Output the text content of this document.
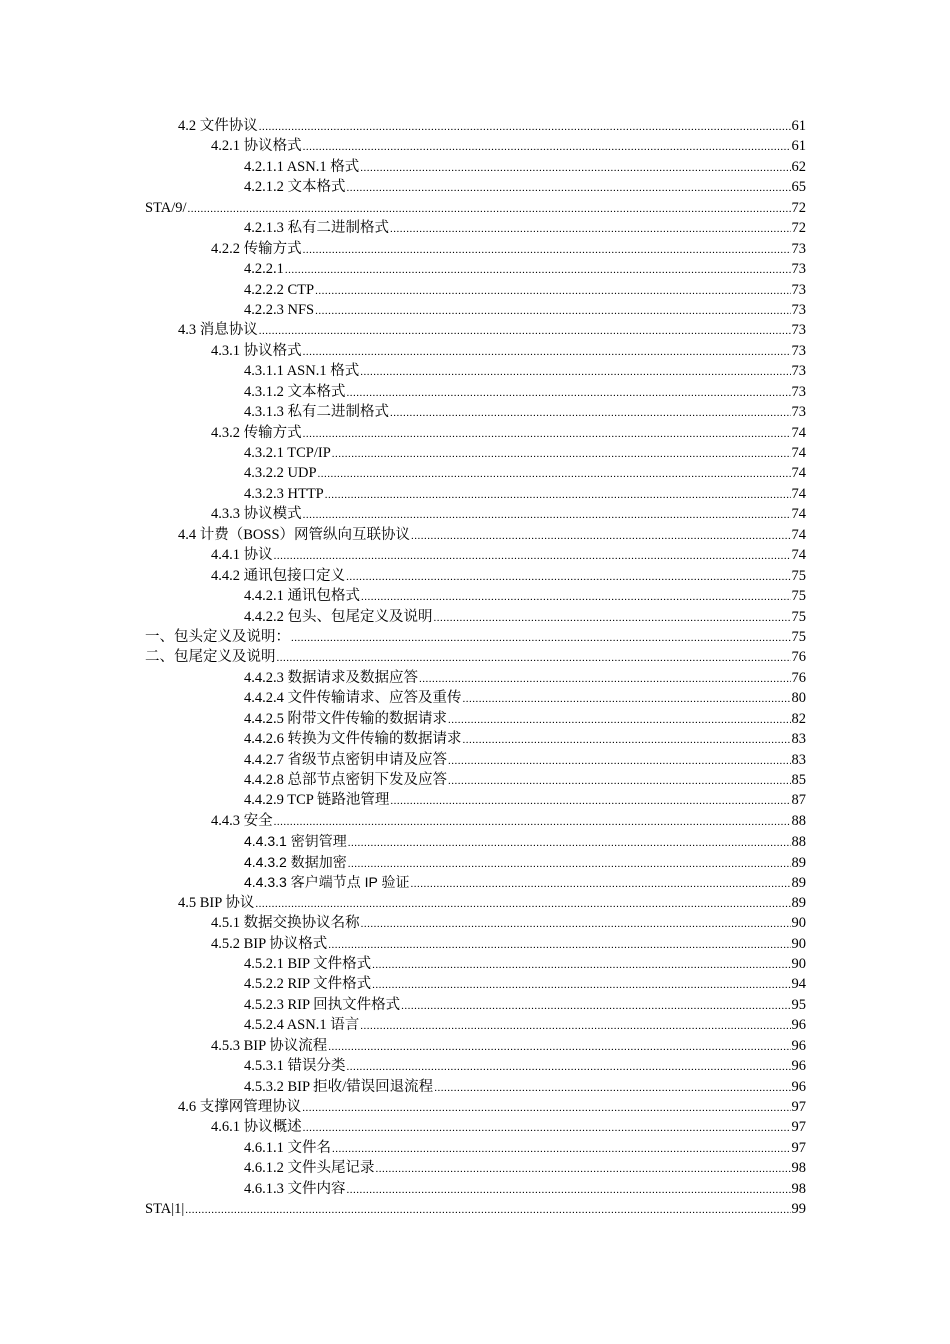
4.2 文件协议 .....	61
4.2.1 协议格式 .....	61
4.2.1.1 ASN.1 格式 .....	62
4.2.1.2 文本格式 .....	65
STA/9/ .....	72
4.2.1.3 私有二进制格式 .....	72
4.2.2 传输方式 .....	73
4.2.2.1 .....	73
4.2.2.2 CTP .....	73
4.2.2.3 NFS .....	73
4.3 消息协议 .....	73
4.3.1 协议格式 .....	73
4.3.1.1 ASN.1 格式 .....	73
4.3.1.2 文本格式 .....	73
4.3.1.3 私有二进制格式 .....	73
4.3.2 传输方式 .....	74
4.3.2.1 TCP/IP .....	74
4.3.2.2 UDP .....	74
4.3.2.3 HTTP .....	74
4.3.3 协议模式 .....	74
4.4 计费（BOSS）网管纵向互联协议 .....	74
4.4.1 协议 .....	74
4.4.2 通讯包接口定义 .....	75
4.4.2.1 通讯包格式 .....	75
4.4.2.2 包头、包尾定义及说明 .....	75
一、包头定义及说明： .....	75
二、包尾定义及说明 .....	76
4.4.2.3 数据请求及数据应答 .....	76
4.4.2.4 文件传输请求、应答及重传 .....	80
4.4.2.5 附带文件传输的数据请求 .....	82
4.4.2.6 转换为文件传输的数据请求 .....	83
4.4.2.7 省级节点密钥申请及应答 .....	83
4.4.2.8 总部节点密钥下发及应答 .....	85
4.4.2.9 TCP 链路池管理 .....	87
4.4.3 安全 .....	88
4.4.3.1 密钥管理 .....	88
4.4.3.2 数据加密 .....	89
4.4.3.3 客户端节点 IP 验证 .....	89
4.5 BIP 协议 .....	89
4.5.1 数据交换协议名称 .....	90
4.5.2 BIP 协议格式 .....	90
4.5.2.1 BIP 文件格式 .....	90
4.5.2.2 RIP 文件格式 .....	94
4.5.2.3 RIP 回执文件格式 .....	95
4.5.2.4 ASN.1 语言 .....	96
4.5.3 BIP 协议流程 .....	96
4.5.3.1 错误分类 .....	96
4.5.3.2 BIP 拒收/错误回退流程 .....	96
4.6 支撑网管理协议 .....	97
4.6.1 协议概述 .....	97
4.6.1.1 文件名 .....	97
4.6.1.2 文件头尾记录 .....	98
4.6.1.3 文件内容 .....	98
STA|1| .....	99
